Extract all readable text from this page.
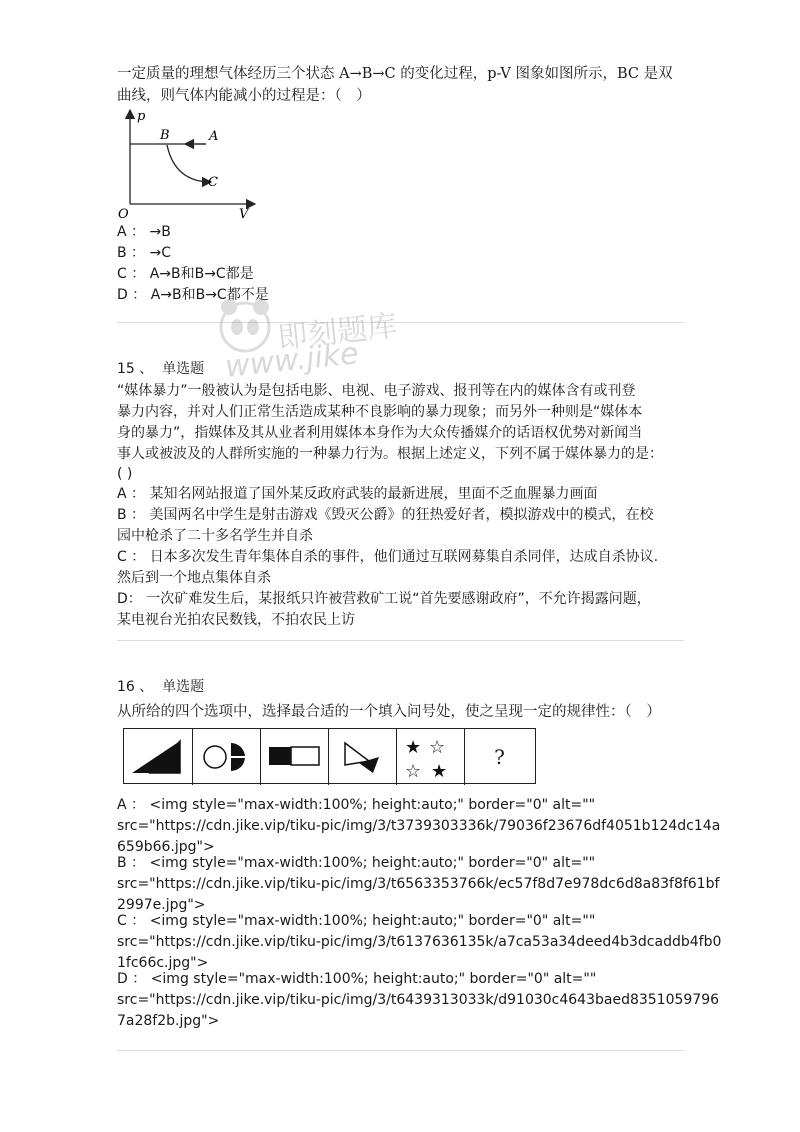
一定质量的理想气体经历三个状态 A→B→C 的变化过程，p-V 图象如图所示，BC 是双
曲线，则气体内能减小的过程是：（　）
p
B	A
C
O	V
A ： →B
B ： →C
C ： A→B和B→C都是
D ： A→B和B→C都不是
即刻题库
www.jike
15 、 单选题
“媒体暴力”一般被认为是包括电影、电视、电子游戏、报刊等在内的媒体含有或刊登
暴力内容，并对人们正常生活造成某种不良影响的暴力现象；而另外一种则是“媒体本
身的暴力”，指媒体及其从业者利用媒体本身作为大众传播媒介的话语权优势对新闻当
事人或被波及的人群所实施的一种暴力行为。根据上述定义，下列不属于媒体暴力的是：
( )
A ： 某知名网站报道了国外某反政府武装的最新进展，里面不乏血腥暴力画面
B ： 美国两名中学生是射击游戏《毁灭公爵》的狂热爱好者，模拟游戏中的模式，在校
园中枪杀了二十多名学生并自杀
C ： 日本多次发生青年集体自杀的事件，他们通过互联网募集自杀同伴，达成自杀协议.
然后到一个地点集体自杀
D： 一次矿难发生后，某报纸只许被营救矿工说“首先要感谢政府”，不允许揭露问题，
某电视台光拍农民数钱，不拍农民上访
16 、 单选题
从所给的四个选项中，选择最合适的一个填入问号处，使之呈现一定的规律性：（　）
★ ☆
☆ ★
?
A ： <img style="max-width:100%; height:auto;" border="0" alt=""
src="https://cdn.jike.vip/tiku-pic/img/3/t3739303336k/79036f23676df4051b124dc14a
659b66.jpg">
B ： <img style="max-width:100%; height:auto;" border="0" alt=""
src="https://cdn.jike.vip/tiku-pic/img/3/t6563353766k/ec57f8d7e978dc6d8a83f8f61bf
2997e.jpg">
C ： <img style="max-width:100%; height:auto;" border="0" alt=""
src="https://cdn.jike.vip/tiku-pic/img/3/t6137636135k/a7ca53a34deed4b3dcaddb4fb0
1fc66c.jpg">
D ： <img style="max-width:100%; height:auto;" border="0" alt=""
src="https://cdn.jike.vip/tiku-pic/img/3/t6439313033k/d91030c4643baed8351059796
7a28f2b.jpg">
